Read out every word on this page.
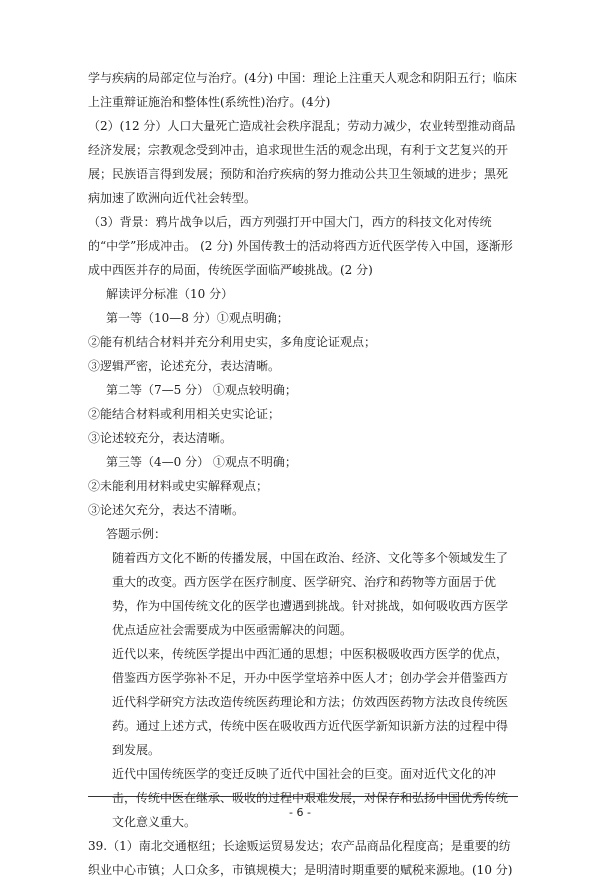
学与疾病的局部定位与治疗。(4分) 中国：理论上注重天人观念和阴阳五行；临床上注重辩证施治和整体性(系统性)治疗。(4分)

（2）(12 分）人口大量死亡造成社会秩序混乱；劳动力减少，农业转型推动商品经济发展；宗教观念受到冲击，追求现世生活的观念出现，有利于文艺复兴的开展；民族语言得到发展；预防和治疗疾病的努力推动公共卫生领域的进步；黑死病加速了欧洲向近代社会转型。

（3）背景：鸦片战争以后，西方列强打开中国大门，西方的科技文化对传统的“中学”形成冲击。 (2 分) 外国传教士的活动将西方近代医学传入中国，逐渐形成中西医并存的局面，传统医学面临严峻挑战。(2 分)

解读评分标准（10 分）

第一等（10—8 分）①观点明确；

②能有机结合材料并充分利用史实，多角度论证观点；

③逻辑严密，论述充分，表达清晰。

第二等（7—5 分） ①观点较明确；

②能结合材料或利用相关史实论证；

③论述较充分，表达清晰。

第三等（4—0 分） ①观点不明确；

②未能利用材料或史实解释观点；

③论述欠充分，表达不清晰。

答题示例：

随着西方文化不断的传播发展，中国在政治、经济、文化等多个领域发生了重大的改变。西方医学在医疗制度、医学研究、治疗和药物等方面居于优势，作为中国传统文化的医学也遭遇到挑战。针对挑战，如何吸收西方医学优点适应社会需要成为中医亟需解决的问题。

近代以来，传统医学提出中西汇通的思想；中医积极吸收西方医学的优点，借鉴西方医学弥补不足，开办中医学堂培养中医人才；创办学会并借鉴西方近代科学研究方法改造传统医药理论和方法；仿效西医药物方法改良传统医药。通过上述方式，传统中医在吸收西方近代医学新知识新方法的过程中得到发展。

近代中国传统医学的变迁反映了近代中国社会的巨变。面对近代文化的冲击，传统中医在继承、吸收的过程中艰难发展，对保存和弘扬中国优秀传统文化意义重大。

39.（1）南北交通枢纽；长途贩运贸易发达；农产品商品化程度高；是重要的纺织业中心市镇；人口众多，市镇规模大；是明清时期重要的赋税来源地。(10 分)

- 6 -
